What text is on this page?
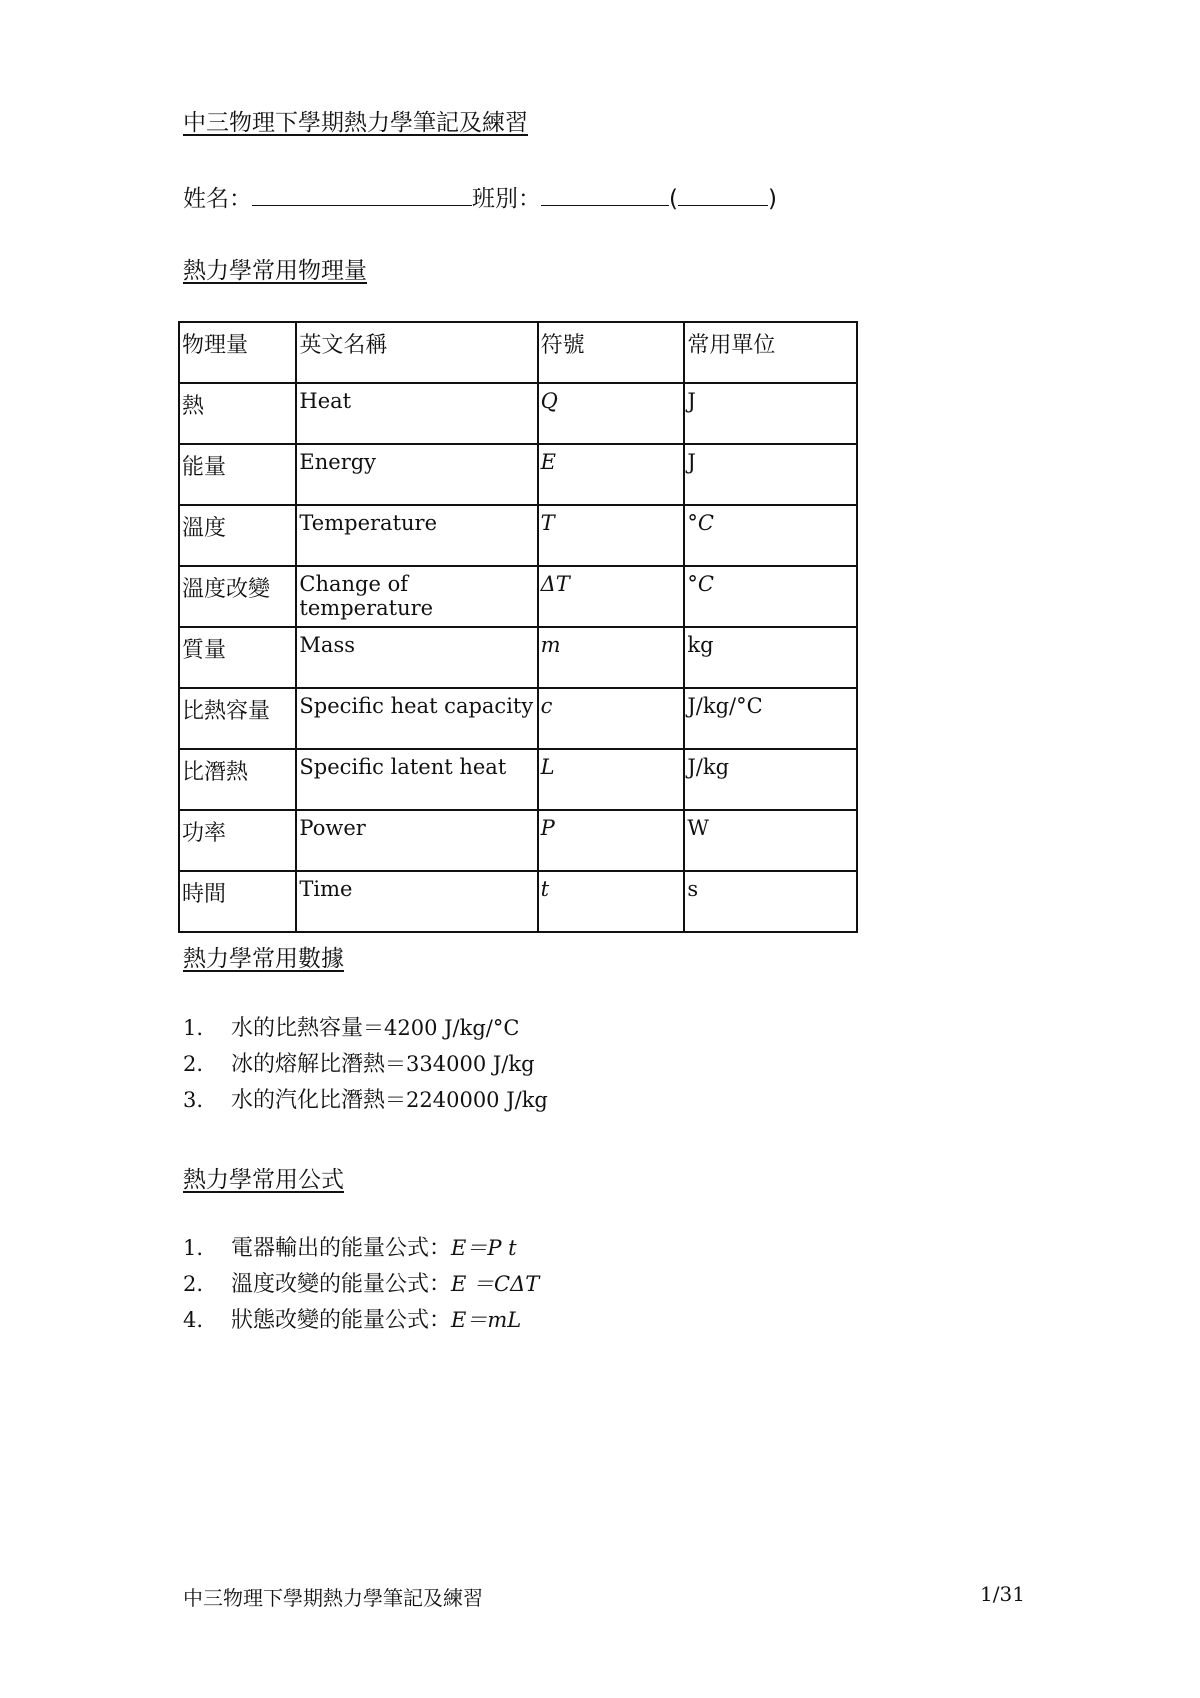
中三物理下學期熱力學筆記及練習
姓名：	班別：	(	)
熱力學常用物理量
物理量	英文名稱	符號	常用單位
熱	Heat	Q	J
能量	Energy	E	J
溫度	Temperature	T	°C
溫度改變	Change of temperature	ΔT	°C
質量	Mass	m	kg
比熱容量	Specific heat capacity	c	J/kg/°C
比潛熱	Specific latent heat	L	J/kg
功率	Power	P	W
時間	Time	t	s
熱力學常用數據
1. 水的比熱容量＝4200 J/kg/°C
2. 冰的熔解比潛熱＝334000 J/kg
3. 水的汽化比潛熱＝2240000 J/kg
熱力學常用公式
1. 電器輸出的能量公式：E＝P t
2. 溫度改變的能量公式：E ＝CΔT
4. 狀態改變的能量公式：E＝mL
中三物理下學期熱力學筆記及練習	1/31
